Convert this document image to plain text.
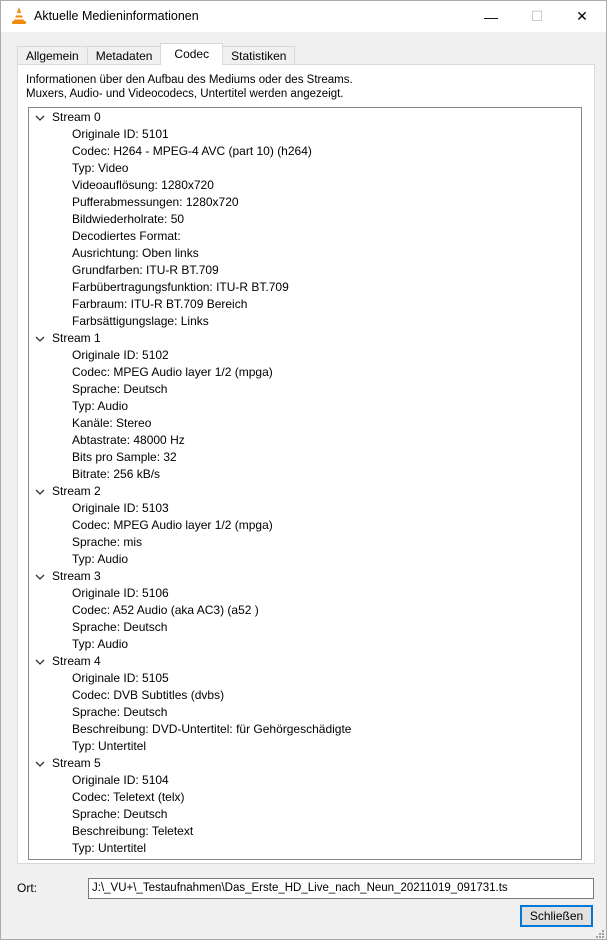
Aktuelle Medieninformationen	— ☐ ✕
Allgemein	Metadaten	Codec	Statistiken
Informationen über den Aufbau des Mediums oder des Streams.
Muxers, Audio- und Videocodecs, Untertitel werden angezeigt.
Stream 0
Originale ID: 5101
Codec: H264 - MPEG-4 AVC (part 10) (h264)
Typ: Video
Videoauflösung: 1280x720
Pufferabmessungen: 1280x720
Bildwiederholrate: 50
Decodiertes Format:
Ausrichtung: Oben links
Grundfarben: ITU-R BT.709
Farbübertragungsfunktion: ITU-R BT.709
Farbraum: ITU-R BT.709 Bereich
Farbsättigungslage: Links
Stream 1
Originale ID: 5102
Codec: MPEG Audio layer 1/2 (mpga)
Sprache: Deutsch
Typ: Audio
Kanäle: Stereo
Abtastrate: 48000 Hz
Bits pro Sample: 32
Bitrate: 256 kB/s
Stream 2
Originale ID: 5103
Codec: MPEG Audio layer 1/2 (mpga)
Sprache: mis
Typ: Audio
Stream 3
Originale ID: 5106
Codec: A52 Audio (aka AC3) (a52 )
Sprache: Deutsch
Typ: Audio
Stream 4
Originale ID: 5105
Codec: DVB Subtitles (dvbs)
Sprache: Deutsch
Beschreibung: DVD-Untertitel: für Gehörgeschädigte
Typ: Untertitel
Stream 5
Originale ID: 5104
Codec: Teletext (telx)
Sprache: Deutsch
Beschreibung: Teletext
Typ: Untertitel
Ort:	J:\_VU+\_Testaufnahmen\Das_Erste_HD_Live_nach_Neun_20211019_091731.ts
Schließen
